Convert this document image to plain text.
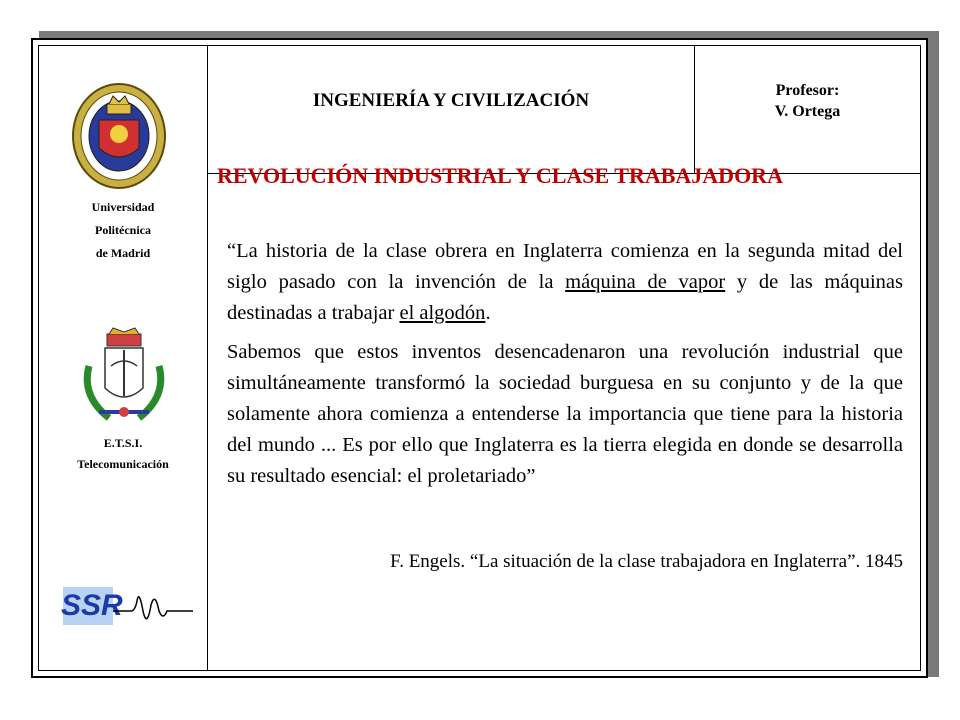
Universidad
Politécnica
de Madrid
E.T.S.I.
Telecomunicación
SSR
INGENIERÍA Y CIVILIZACIÓN	Profesor:
V. Ortega
REVOLUCIÓN INDUSTRIAL Y CLASE TRABAJADORA

“La historia de la clase obrera en Inglaterra comienza en la segunda mitad del siglo pasado con la invención de la máquina de vapor y de las máquinas destinadas a trabajar el algodón.

Sabemos que estos inventos desencadenaron una revolución industrial que simultáneamente transformó la sociedad burguesa en su conjunto y de la que solamente ahora comienza a entenderse la importancia que tiene para la historia del mundo ... Es por ello que Inglaterra es la tierra elegida en donde se desarrolla su resultado esencial: el proletariado”

F. Engels. “La situación de la clase trabajadora en Inglaterra”. 1845
